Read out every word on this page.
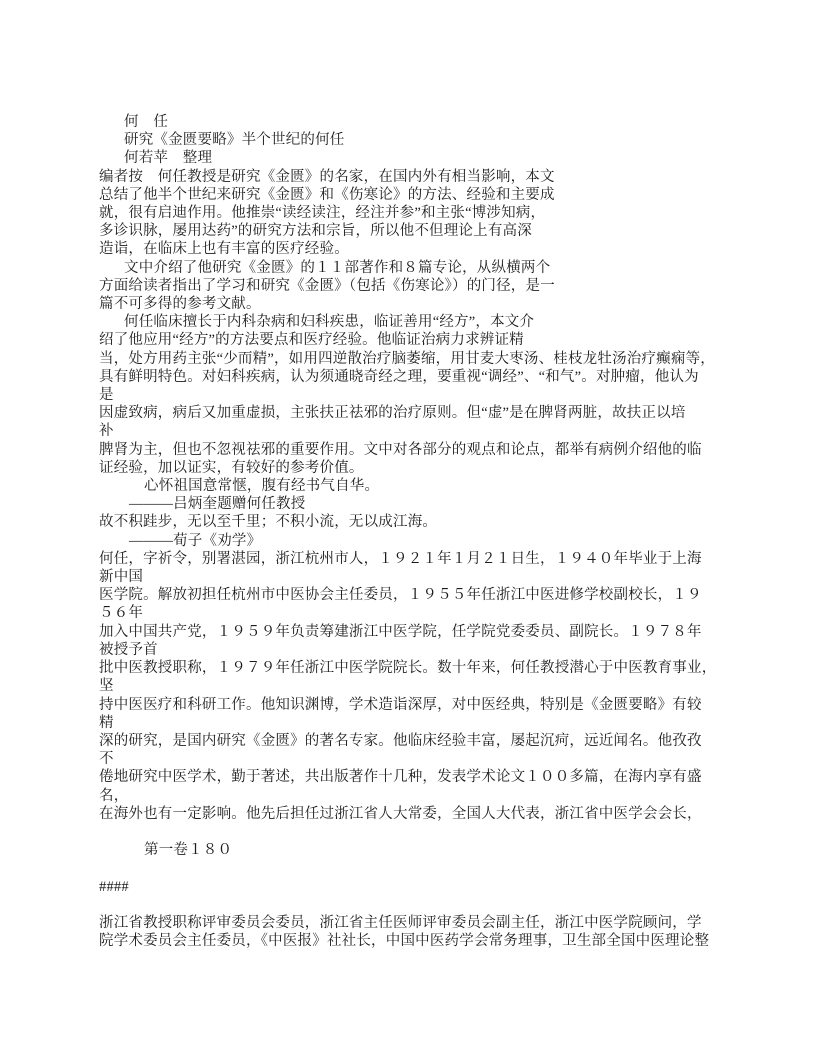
何　任
研究《金匮要略》半个世纪的何任
何若苹　整理
编者按　何任教授是研究《金匮》的名家，在国内外有相当影响，本文
总结了他半个世纪来研究《金匮》和《伤寒论》的方法、经验和主要成
就，很有启迪作用。他推崇“读经读注，经注并参”和主张“博涉知病，
多诊识脉，屡用达药”的研究方法和宗旨，所以他不但理论上有高深
造诣，在临床上也有丰富的医疗经验。
文中介绍了他研究《金匮》的１１部著作和８篇专论，从纵横两个
方面给读者指出了学习和研究《金匮》（包括《伤寒论》）的门径，是一
篇不可多得的参考文献。
何任临床擅长于内科杂病和妇科疾患，临证善用“经方”，本文介
绍了他应用“经方”的方法要点和医疗经验。他临证治病力求辨证精
当，处方用药主张“少而精”，如用四逆散治疗脑萎缩，用甘麦大枣汤、桂枝龙牡汤治疗癫痫等，
具有鲜明特色。对妇科疾病，认为须通晓奇经之理，要重视“调经”、“和气”。对肿瘤，他认为
是
因虚致病，病后又加重虚损，主张扶正祛邪的治疗原则。但“虚”是在脾肾两脏，故扶正以培
补
脾肾为主，但也不忽视祛邪的重要作用。文中对各部分的观点和论点，都举有病例介绍他的临
证经验，加以证实，有较好的参考价值。
心怀祖国意常惬，腹有经书气自华。
———吕炳奎题赠何任教授
故不积跬步，无以至千里；不积小流，无以成江海。
———荀子《劝学》
何任，字祈令，别署湛园，浙江杭州市人，１９２１年１月２１日生，１９４０年毕业于上海
新中国
医学院。解放初担任杭州市中医协会主任委员，１９５５年任浙江中医进修学校副校长，１９
５６年
加入中国共产党，１９５９年负责筹建浙江中医学院，任学院党委委员、副院长。１９７８年
被授予首
批中医教授职称，１９７９年任浙江中医学院院长。数十年来，何任教授潜心于中医教育事业，
坚
持中医医疗和科研工作。他知识渊博，学术造诣深厚，对中医经典，特别是《金匮要略》有较
精
深的研究，是国内研究《金匮》的著名专家。他临床经验丰富，屡起沉疴，远近闻名。他孜孜
不
倦地研究中医学术，勤于著述，共出版著作十几种，发表学术论文１００多篇，在海内享有盛
名，
在海外也有一定影响。他先后担任过浙江省人大常委，全国人大代表，浙江省中医学会会长，

第一卷１８０

####

浙江省教授职称评审委员会委员，浙江省主任医师评审委员会副主任，浙江中医学院顾问，学
院学术委员会主任委员，《中医报》社社长，中国中医药学会常务理事，卫生部全国中医理论整
